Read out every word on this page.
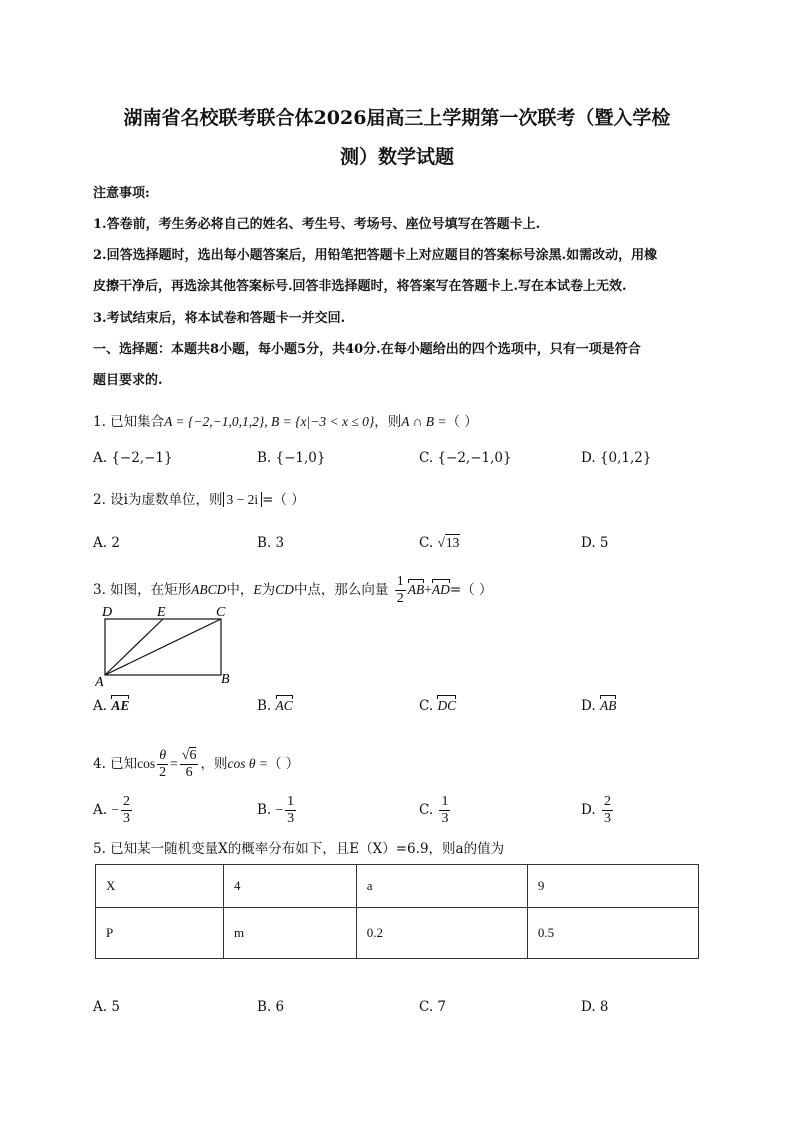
湖南省名校联考联合体2026届高三上学期第一次联考（暨入学检
测）数学试题
注意事项:
1.答卷前，考生务必将自己的姓名、考生号、考场号、座位号填写在答题卡上.
2.回答选择题时，选出每小题答案后，用铅笔把答题卡上对应题目的答案标号涂黑.如需改动，用橡
皮擦干净后，再选涂其他答案标号.回答非选择题时，将答案写在答题卡上.写在本试卷上无效.
3.考试结束后，将本试卷和答题卡一并交回.
一、选择题：本题共8小题，每小题5分，共40分.在每小题给出的四个选项中，只有一项是符合
题目要求的.
1. 已知集合A = {−2,−1,0,1,2}, B = {x|−3 < x ≤ 0}，则A ∩ B =（ ）
A. {−2,−1}	B. {−1,0}	C. {−2,−1,0}	D. {0,1,2}
2. 设i为虚数单位，则 3 − 2i =（ ）
A. 2	B. 3	C. √13	D. 5
3. 如图，在矩形ABCD中，E为CD中点，那么向量 $\frac{1}{2} AB+AD=$（ ）
D	E	C
A	B
A. AE	B. AC	C. DC	D. AB
4. 已知$\cos \frac{\theta}{2} = \frac{√6}{6}$ ，则cos θ =（ ）
A. − $\frac{2}{3}$	B. − $\frac{1}{3}$	C. $\frac{1}{3}$	D. $\frac{2}{3}$
5. 已知某一随机变量X的概率分布如下，且E（X）=6.9，则a的值为
X	4	a	9
P	m	0.2	0.5
A. 5	B. 6	C. 7	D. 8
